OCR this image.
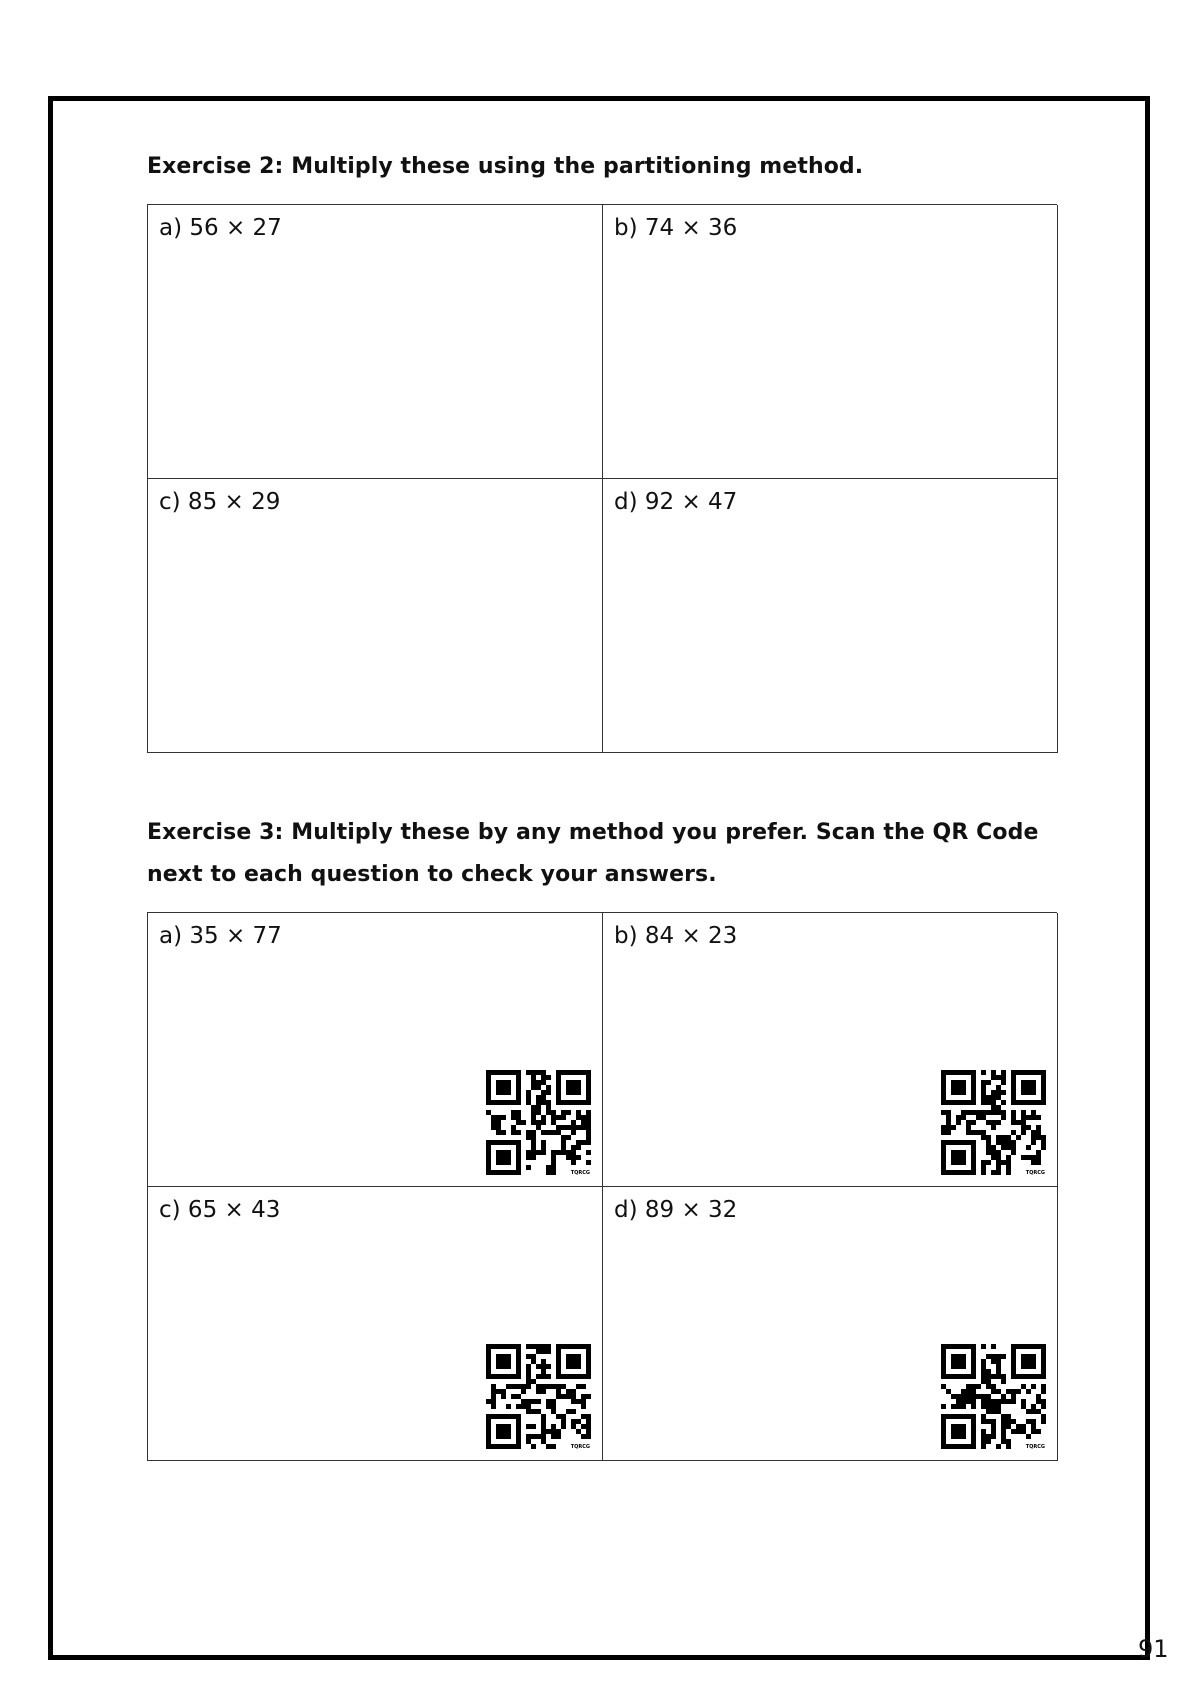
Exercise 2: Multiply these using the partitioning method.
a) 56 × 27	b) 74 × 36
c) 85 × 29	d) 92 × 47
Exercise 3: Multiply these by any method you prefer. Scan the QR Code next to each question to check your answers.
a) 35 × 77
TQRCG
b) 84 × 23
TQRCG
c) 65 × 43
TQRCG
d) 89 × 32
TQRCG
91
